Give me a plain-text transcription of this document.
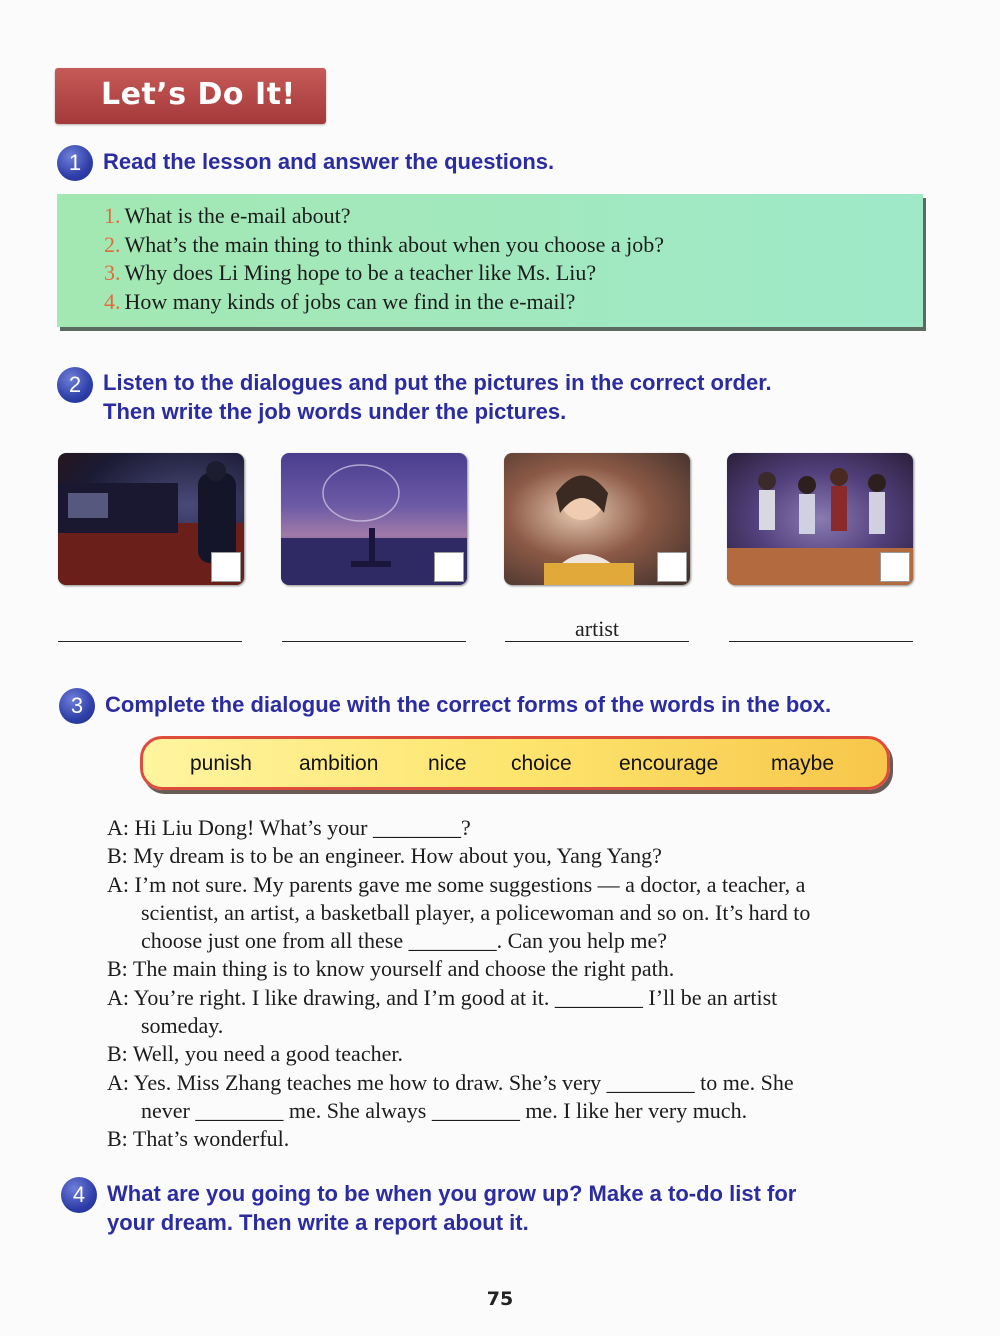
Let’s Do It!
1 Read the lesson and answer the questions.
1. What is the e-mail about?
2. What’s the main thing to think about when you choose a job?
3. Why does Li Ming hope to be a teacher like Ms. Liu?
4. How many kinds of jobs can we find in the e-mail?
2 Listen to the dialogues and put the pictures in the correct order.
Then write the job words under the pictures.
artist
3 Complete the dialogue with the correct forms of the words in the box.
punish ambition nice choice encourage	maybe
A: Hi Liu Dong! What’s your ________?
B: My dream is to be an engineer. How about you, Yang Yang?
A: I’m not sure. My parents gave me some suggestions — a doctor, a teacher, a
scientist, an artist, a basketball player, a policewoman and so on. It’s hard to
choose just one from all these ________. Can you help me?
B: The main thing is to know yourself and choose the right path.
A: You’re right. I like drawing, and I’m good at it. ________ I’ll be an artist
someday.
B: Well, you need a good teacher.
A: Yes. Miss Zhang teaches me how to draw. She’s very ________ to me. She
never ________ me. She always ________ me. I like her very much.
B: That’s wonderful.
4 What are you going to be when you grow up? Make a to-do list for
your dream. Then write a report about it.
75
